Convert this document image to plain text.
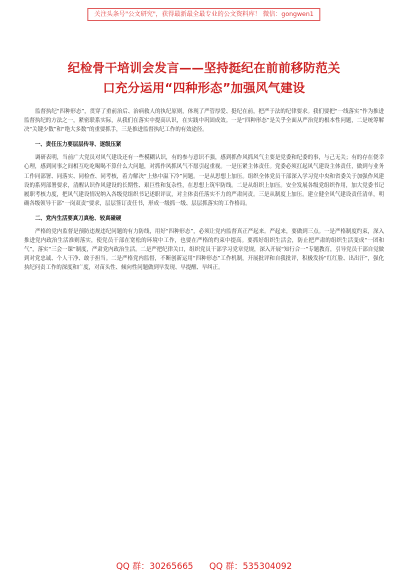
关注头条号"公文研究"，获得最新最全最专业的公文资料库！ 微信：gongwen1
纪检骨干培训会发言——坚持挺纪在前前移防范关
口充分运用“四种形态”加强风气建设

监督执纪“四种形态”，贯穿了重前治后、治病救人的执纪原则，体现了严管厚爱、挺纪在前，把严于法的纪律要求。我们要把“一线落实”作为推进监督执纪的方法之一，紧密联系实际，从我们在落实中提高认识，在实践中巩固成效。一是“四种形态”是关乎全面从严治党的根本性问题，二是统筹解决“关键少数”和“绝大多数”的重要抓手，三是推进监督执纪工作的有效途径。

一、责任压力要层层传导、逐级压紧

调研表明，当前广大党员对风气建设还有一些模糊认识，有的参与意识不强，感到抓作风抓风气主要是党委和纪委的事，与己无关；有的存在侥幸心理，感到同事之间相互吃吃喝喝不算什么大问题，对抓作风抓风气不愿引起重视。一是压紧主体责任。党委必须扛起风气建设主体责任，做到与业务工作同部署、同落实、同检查、同考核，着力解决“上热中温下冷”问题。一是从思想上加压。组织全体党员干部深入学习党中央和省委关于加强作风建设的系列部署要求，清醒认识作风建设的长期性、艰巨性和复杂性，在思想上筑牢防线。二是从组织上加压。安全发展各级党组织作用，加大党委书记履职考核力度，把风气建设情况纳入各级党组织书记述职评议，对主体责任落实不力的严肃问责。三是从制度上加压。建立健全风气建设责任清单，明确各级领导干部“一岗双责”要求，层层签订责任书，形成一级抓一级、层层抓落实的工作格局。

二、党内生活要真刀真枪、较真碰硬

严格的党内监督是预防违规违纪问题的有力防线，用好“四种形态”，必须让党内监督真正严起来。严起来，要做到三点。一是严格制度约束，深入推进党内政治生活准则落实，使党员干部在宽松的环境中工作，也要在严格的约束中提高。要抓好组织生活会，防止把严肃的组织生活变成“一团和气”，落实“三会一课”制度，严肃党内政治生活。二是严把纪律关口，组织党员干部学习党章党规，深入开展“知行合一”专题教育，引导党员干部自觉做到对党忠诚、个人干净、敢于担当。二是严格党内监督，不断创新运用“四种形态”工作机制，开展批评和自我批评，积极发扬“红红脸、出出汗”，强化执纪问责工作的深度和广度，对苗头性、倾向性问题做到早发现、早提醒、早纠正。

QQ 群：30265665 QQ 群：535304092
